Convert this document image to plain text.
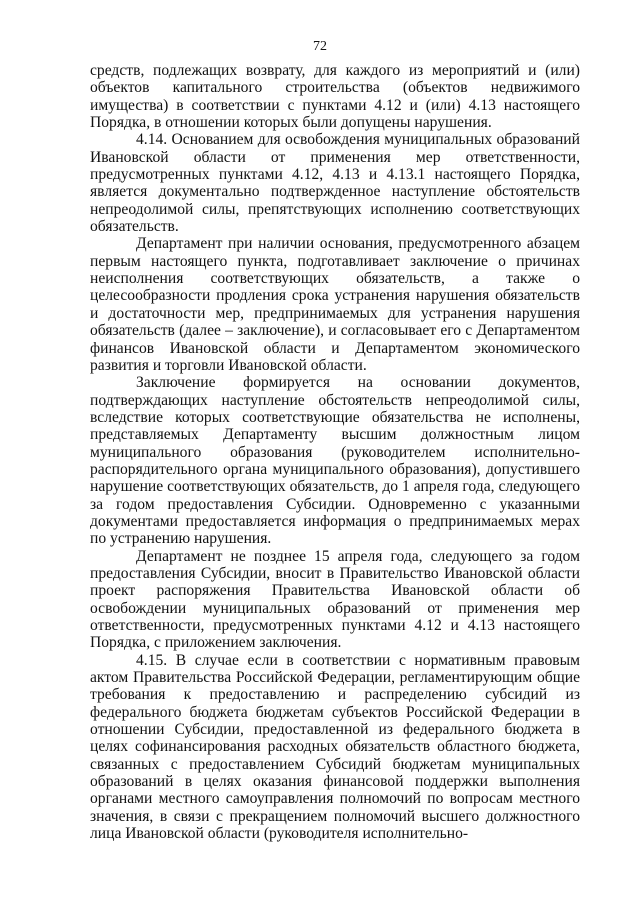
72

средств, подлежащих возврату, для каждого из мероприятий и (или) объектов капитального строительства (объектов недвижимого имущества) в соответствии с пунктами 4.12 и (или) 4.13 настоящего Порядка, в отношении которых были допущены нарушения.

4.14. Основанием для освобождения муниципальных образований Ивановской области от применения мер ответственности, предусмотренных пунктами 4.12, 4.13 и 4.13.1 настоящего Порядка, является документально подтвержденное наступление обстоятельств непреодолимой силы, препятствующих исполнению соответствующих обязательств.

Департамент при наличии основания, предусмотренного абзацем первым настоящего пункта, подготавливает заключение о причинах неисполнения соответствующих обязательств, а также о целесообразности продления срока устранения нарушения обязательств и достаточности мер, предпринимаемых для устранения нарушения обязательств (далее – заключение), и согласовывает его с Департаментом финансов Ивановской области и Департаментом экономического развития и торговли Ивановской области.

Заключение формируется на основании документов, подтверждающих наступление обстоятельств непреодолимой силы, вследствие которых соответствующие обязательства не исполнены, представляемых Департаменту высшим должностным лицом муниципального образования (руководителем исполнительно-распорядительного органа муниципального образования), допустившего нарушение соответствующих обязательств, до 1 апреля года, следующего за годом предоставления Субсидии. Одновременно с указанными документами предоставляется информация о предпринимаемых мерах по устранению нарушения.

Департамент не позднее 15 апреля года, следующего за годом предоставления Субсидии, вносит в Правительство Ивановской области проект распоряжения Правительства Ивановской области об освобождении муниципальных образований от применения мер ответственности, предусмотренных пунктами 4.12 и 4.13 настоящего Порядка, с приложением заключения.

4.15. В случае если в соответствии с нормативным правовым актом Правительства Российской Федерации, регламентирующим общие требования к предоставлению и распределению субсидий из федерального бюджета бюджетам субъектов Российской Федерации в отношении Субсидии, предоставленной из федерального бюджета в целях софинансирования расходных обязательств областного бюджета, связанных с предоставлением Субсидий бюджетам муниципальных образований в целях оказания финансовой поддержки выполнения органами местного самоуправления полномочий по вопросам местного значения, в связи с прекращением полномочий высшего должностного лица Ивановской области (руководителя исполнительно-
